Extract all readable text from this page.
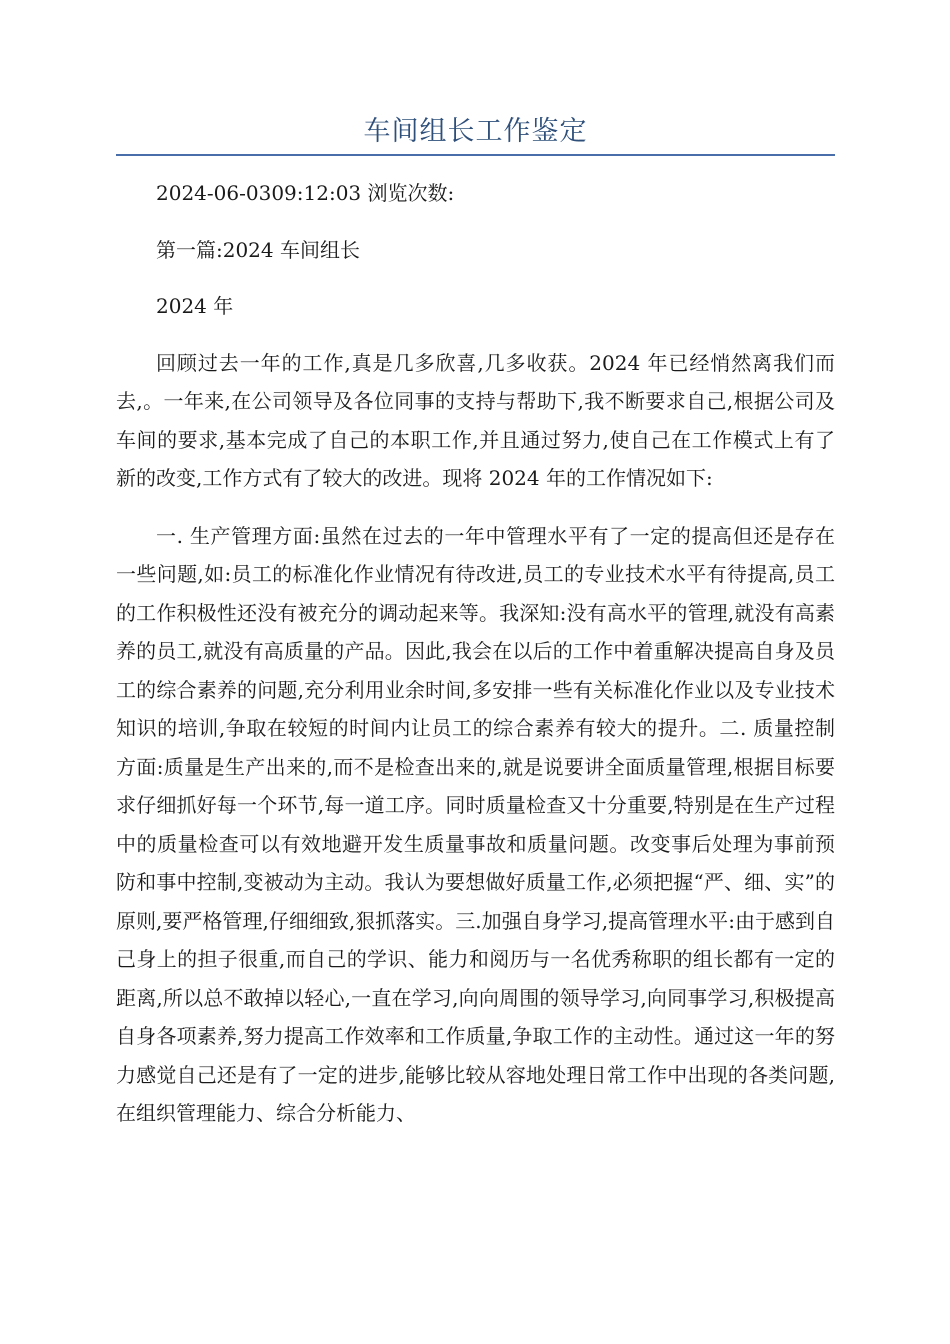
车间组长工作鉴定

2024-06-0309:12:03 浏览次数:

第一篇:2024 车间组长

2024 年

回顾过去一年的工作,真是几多欣喜,几多收获。2024 年已经悄然离我们而去,。一年来,在公司领导及各位同事的支持与帮助下,我不断要求自己,根据公司及车间的要求,基本完成了自己的本职工作,并且通过努力,使自己在工作模式上有了新的改变,工作方式有了较大的改进。现将 2024 年的工作情况如下:

一. 生产管理方面:虽然在过去的一年中管理水平有了一定的提高但还是存在一些问题,如:员工的标准化作业情况有待改进,员工的专业技术水平有待提高,员工的工作积极性还没有被充分的调动起来等。我深知:没有高水平的管理,就没有高素养的员工,就没有高质量的产品。因此,我会在以后的工作中着重解决提高自身及员工的综合素养的问题,充分利用业余时间,多安排一些有关标准化作业以及专业技术知识的培训,争取在较短的时间内让员工的综合素养有较大的提升。二. 质量控制方面:质量是生产出来的,而不是检查出来的,就是说要讲全面质量管理,根据目标要求仔细抓好每一个环节,每一道工序。同时质量检查又十分重要,特别是在生产过程中的质量检查可以有效地避开发生质量事故和质量问题。改变事后处理为事前预防和事中控制,变被动为主动。我认为要想做好质量工作,必须把握“严、细、实”的原则,要严格管理,仔细细致,狠抓落实。三.加强自身学习,提高管理水平:由于感到自己身上的担子很重,而自己的学识、能力和阅历与一名优秀称职的组长都有一定的距离,所以总不敢掉以轻心,一直在学习,向向周围的领导学习,向同事学习,积极提高自身各项素养,努力提高工作效率和工作质量,争取工作的主动性。通过这一年的努力感觉自己还是有了一定的进步,能够比较从容地处理日常工作中出现的各类问题,在组织管理能力、综合分析能力、
